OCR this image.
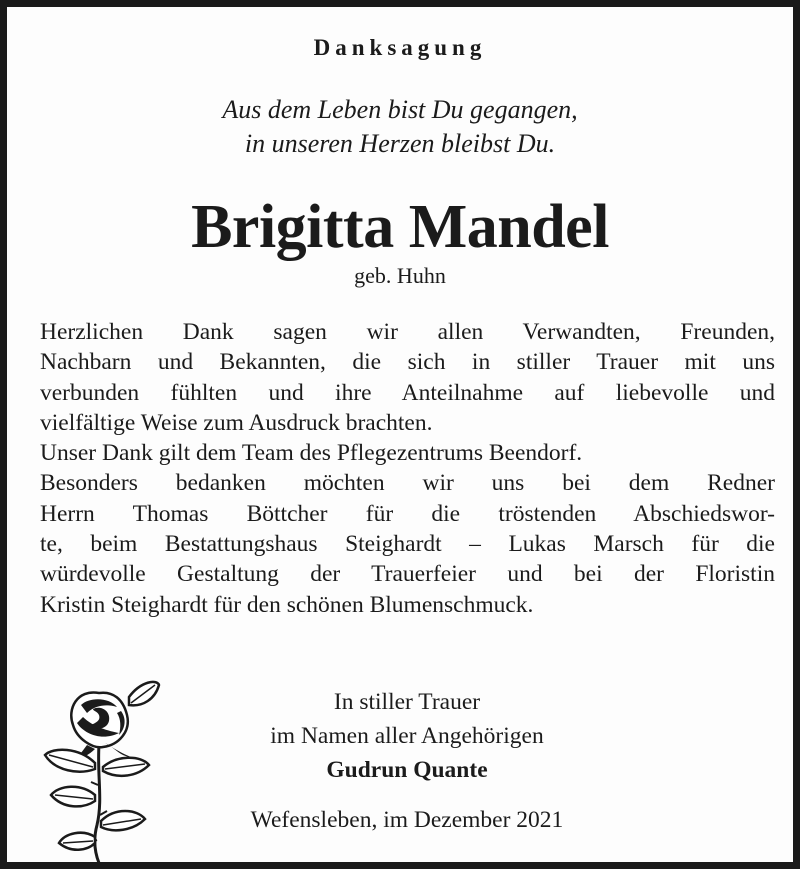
Danksagung
Aus dem Leben bist Du gegangen,
in unseren Herzen bleibst Du.
Brigitta Mandel
geb. Huhn
Herzlichen Dank sagen wir allen Verwandten, Freunden,
Nachbarn und Bekannten, die sich in stiller Trauer mit uns
verbunden fühlten und ihre Anteilnahme auf liebevolle und
vielfältige Weise zum Ausdruck brachten.
Unser Dank gilt dem Team des Pflegezentrums Beendorf.
Besonders bedanken möchten wir uns bei dem Redner
Herrn Thomas Böttcher für die tröstenden Abschiedswor-
te, beim Bestattungshaus Steighardt – Lukas Marsch für die
würdevolle Gestaltung der Trauerfeier und bei der Floristin
Kristin Steighardt für den schönen Blumenschmuck.
In stiller Trauer
im Namen aller Angehörigen
Gudrun Quante
Wefensleben, im Dezember 2021
